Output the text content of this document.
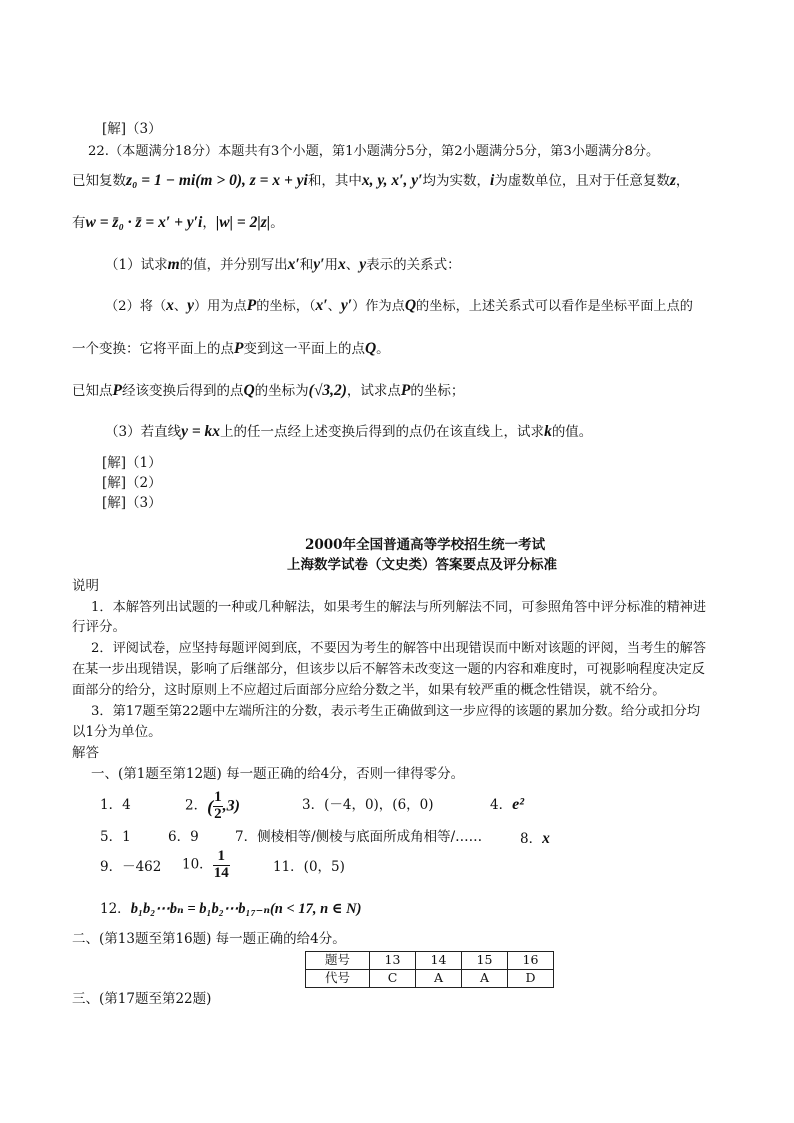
[解]（3）
22.（本题满分18分）本题共有3个小题，第1小题满分5分，第2小题满分5分，第3小题满分8分。
已知复数z₀ = 1 − mi(m > 0), z = x + yi和，其中x, y, x′, y′均为实数，i为虚数单位，且对于任意复数z，
有w = z̄₀ · z̄ = x′ + y′i，|w| = 2|z|。
（1）试求m的值，并分别写出x′和y′用x、y表示的关系式：
（2）将（x、y）用为点P的坐标，（x′、y′）作为点Q的坐标，上述关系式可以看作是坐标平面上点的
一个变换：它将平面上的点P变到这一平面上的点Q。
已知点P经该变换后得到的点Q的坐标为(√3,2)，试求点P的坐标；
（3）若直线y = kx上的任一点经上述变换后得到的点仍在该直线上，试求k的值。
[解]（1）
[解]（2）
[解]（3）
2000年全国普通高等学校招生统一考试
上海数学试卷（文史类）答案要点及评分标准
说明
1．本解答列出试题的一种或几种解法，如果考生的解法与所列解法不同，可参照角答中评分标准的精神进
行评分。
2．评阅试卷，应坚持每题评阅到底，不要因为考生的解答中出现错误而中断对该题的评阅，当考生的解答
在某一步出现错误，影响了后继部分，但该步以后不解答未改变这一题的内容和难度时，可视影响程度决定反
面部分的给分，这时原则上不应超过后面部分应给分数之半，如果有较严重的概念性错误，就不给分。
3．第17题至第22题中左端所注的分数，表示考生正确做到这一步应得的该题的累加分数。给分或扣分均
以1分为单位。
解答
一、(第1题至第12题) 每一题正确的给4分，否则一律得零分。
1．4	2．( $\frac{1}{2} ,3$)	3．(－4，0)，(6，0)	4．e²
5．1	6．9	7．侧棱相等/侧棱与底面所成角相等/……	8．x
9．－462 10． $\frac{1}{14}$	11．(0，5)
12．b₁b₂⋯bₙ = b₁b₂⋯b₁₇₋ₙ(n < 17, n ∈ N)
二、(第13题至第16题) 每一题正确的给4分。
题号	13	14	15	16
代号	C	A	A	D
三、(第17题至第22题)
